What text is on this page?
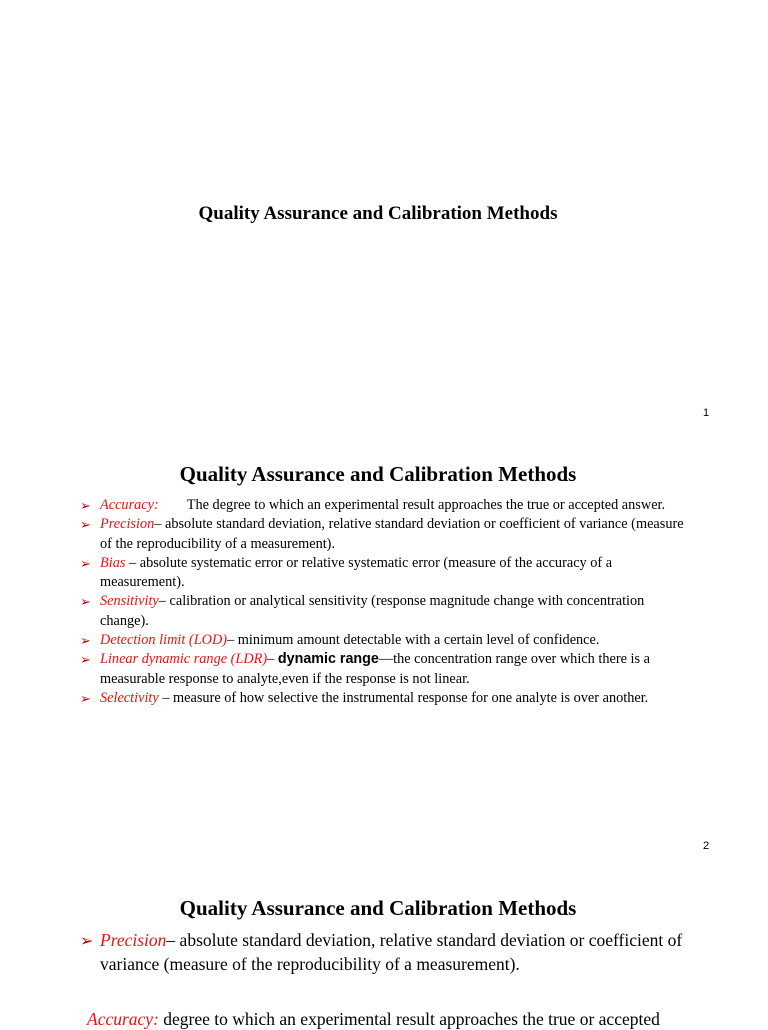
Quality Assurance and Calibration Methods
1
Quality Assurance and Calibration Methods
➢ Accuracy: The degree to which an experimental result approaches the true or accepted answer.
➢ Precision– absolute standard deviation, relative standard deviation or coefficient of variance (measure of the reproducibility of a measurement).
➢ Bias – absolute systematic error or relative systematic error (measure of the accuracy of a measurement).
➢ Sensitivity– calibration or analytical sensitivity (response magnitude change with concentration change).
➢ Detection limit (LOD)– minimum amount detectable with a certain level of confidence.
➢ Linear dynamic range (LDR)– dynamic range—the concentration range over which there is a measurable response to analyte,even if the response is not linear.
➢ Selectivity – measure of how selective the instrumental response for one analyte is over another.
2
Quality Assurance and Calibration Methods
➢ Precision– absolute standard deviation, relative standard deviation or coefficient of variance (measure of the reproducibility of a measurement).
Accuracy: degree to which an experimental result approaches the true or accepted
